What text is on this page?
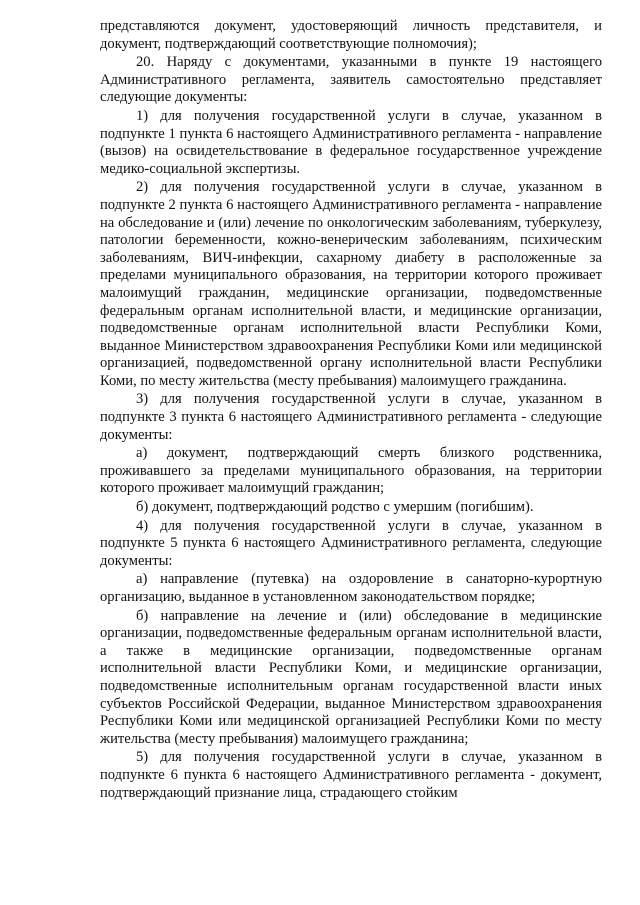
представляются документ, удостоверяющий личность представителя, и документ, подтверждающий соответствующие полномочия);

20. Наряду с документами, указанными в пункте 19 настоящего Административного регламента, заявитель самостоятельно представляет следующие документы:

1) для получения государственной услуги в случае, указанном в подпункте 1 пункта 6 настоящего Административного регламента - направление (вызов) на освидетельствование в федеральное государственное учреждение медико-социальной экспертизы.

2) для получения государственной услуги в случае, указанном в подпункте 2 пункта 6 настоящего Административного регламента - направление на обследование и (или) лечение по онкологическим заболеваниям, туберкулезу, патологии беременности, кожно-венерическим заболеваниям, психическим заболеваниям, ВИЧ-инфекции, сахарному диабету в расположенные за пределами муниципального образования, на территории которого проживает малоимущий гражданин, медицинские организации, подведомственные федеральным органам исполнительной власти, и медицинские организации, подведомственные органам исполнительной власти Республики Коми, выданное Министерством здравоохранения Республики Коми или медицинской организацией, подведомственной органу исполнительной власти Республики Коми, по месту жительства (месту пребывания) малоимущего гражданина.

3) для получения государственной услуги в случае, указанном в подпункте 3 пункта 6 настоящего Административного регламента - следующие документы:

а) документ, подтверждающий смерть близкого родственника, проживавшего за пределами муниципального образования, на территории которого проживает малоимущий гражданин;

б) документ, подтверждающий родство с умершим (погибшим).

4) для получения государственной услуги в случае, указанном в подпункте 5 пункта 6 настоящего Административного регламента, следующие документы:

а) направление (путевка) на оздоровление в санаторно-курортную организацию, выданное в установленном законодательством порядке;

б) направление на лечение и (или) обследование в медицинские организации, подведомственные федеральным органам исполнительной власти, а также в медицинские организации, подведомственные органам исполнительной власти Республики Коми, и медицинские организации, подведомственные исполнительным органам государственной власти иных субъектов Российской Федерации, выданное Министерством здравоохранения Республики Коми или медицинской организацией Республики Коми по месту жительства (месту пребывания) малоимущего гражданина;

5) для получения государственной услуги в случае, указанном в подпункте 6 пункта 6 настоящего Административного регламента - документ, подтверждающий признание лица, страдающего стойким
